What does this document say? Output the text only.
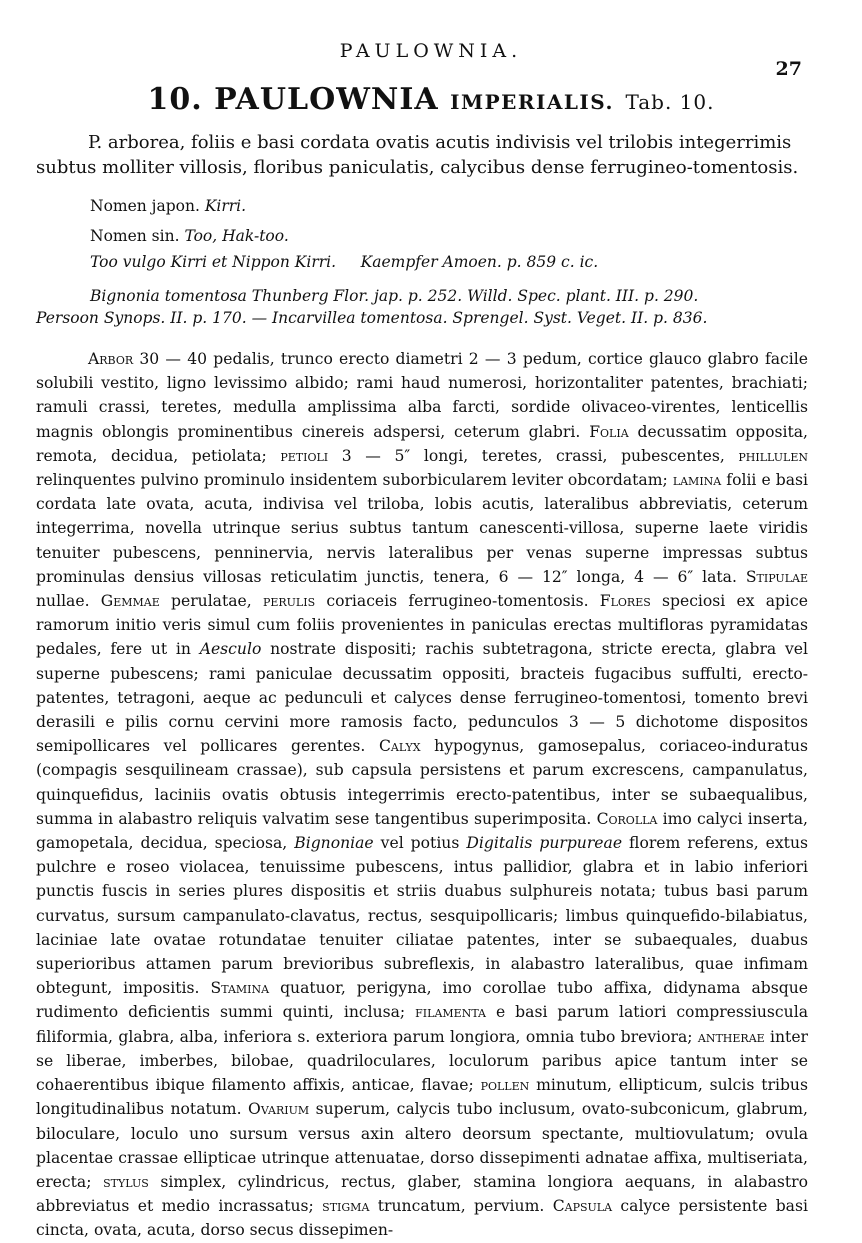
PAULOWNIA.
27
10. PAULOWNIA IMPERIALIS. Tab. 10.
P. arborea, foliis e basi cordata ovatis acutis indivisis vel trilobis integerrimis
subtus molliter villosis, floribus paniculatis, calycibus dense ferrugineo-tomentosis.
Nomen japon. Kirri.
Nomen sin. Too, Hak-too.
Too vulgo Kirri et Nippon Kirri. Kaempfer Amoen. p. 859 c. ic.
Bignonia tomentosa Thunberg Flor. jap. p. 252. Willd. Spec. plant. III. p. 290.
Persoon Synops. II. p. 170. — Incarvillea tomentosa. Sprengel. Syst. Veget. II. p. 836.

Arbor 30 — 40 pedalis, trunco erecto diametri 2 — 3 pedum, cortice glauco glabro facile solubili vestito, ligno levissimo albido; rami haud numerosi, horizontaliter patentes, brachiati; ramuli crassi, teretes, medulla amplissima alba farcti, sordide olivaceo-virentes, lenticellis magnis oblongis prominentibus cinereis adspersi, ceterum glabri. Folia decussatim opposita, remota, decidua, petiolata; petioli 3 — 5″ longi, teretes, crassi, pubescentes, phillulen relinquentes pulvino prominulo insidentem suborbicularem leviter obcordatam; lamina folii e basi cordata late ovata, acuta, indivisa vel triloba, lobis acutis, lateralibus abbreviatis, ceterum integerrima, novella utrinque serius subtus tantum canescenti-villosa, superne laete viridis tenuiter pubescens, penninervia, nervis lateralibus per venas superne impressas subtus prominulas densius villosas reticulatim junctis, tenera, 6 — 12″ longa, 4 — 6″ lata. Stipulae nullae. Gemmae perulatae, perulis coriaceis ferrugineo-tomentosis. Flores speciosi ex apice ramorum initio veris simul cum foliis provenientes in paniculas erectas multifloras pyramidatas pedales, fere ut in Aesculo nostrate dispositi; rachis subtetragona, stricte erecta, glabra vel superne pubescens; rami paniculae decussatim oppositi, bracteis fugacibus suffulti, erecto-patentes, tetragoni, aeque ac pedunculi et calyces dense ferrugineo-tomentosi, tomento brevi derasili e pilis cornu cervini more ramosis facto, pedunculos 3 — 5 dichotome dispositos semipollicares vel pollicares gerentes. Calyx hypogynus, gamosepalus, coriaceo-induratus (compagis sesquilineam crassae), sub capsula persistens et parum excrescens, campanulatus, quinquefidus, laciniis ovatis obtusis integerrimis erecto-patentibus, inter se subaequalibus, summa in alabastro reliquis valvatim sese tangentibus superimposita. Corolla imo calyci inserta, gamopetala, decidua, speciosa, Bignoniae vel potius Digitalis purpureae florem referens, extus pulchre e roseo violacea, tenuissime pubescens, intus pallidior, glabra et in labio inferiori punctis fuscis in series plures dispositis et striis duabus sulphureis notata; tubus basi parum curvatus, sursum campanulato-clavatus, rectus, sesquipollicaris; limbus quinquefido-bilabiatus, laciniae late ovatae rotundatae tenuiter ciliatae patentes, inter se subaequales, duabus superioribus attamen parum brevioribus subreflexis, in alabastro lateralibus, quae infimam obtegunt, impositis. Stamina quatuor, perigyna, imo corollae tubo affixa, didynama absque rudimento deficientis summi quinti, inclusa; filamenta e basi parum latiori compressiuscula filiformia, glabra, alba, inferiora s. exteriora parum longiora, omnia tubo breviora; antherae inter se liberae, imberbes, bilobae, quadriloculares, loculorum paribus apice tantum inter se cohaerentibus ibique filamento affixis, anticae, flavae; pollen minutum, ellipticum, sulcis tribus longitudinalibus notatum. Ovarium superum, calycis tubo inclusum, ovato-subconicum, glabrum, biloculare, loculo uno sursum versus axin altero deorsum spectante, multiovulatum; ovula placentae crassae ellipticae utrinque attenuatae, dorso dissepimenti adnatae affixa, multiseriata, erecta; stylus simplex, cylindricus, rectus, glaber, stamina longiora aequans, in alabastro abbreviatus et medio incrassatus; stigma truncatum, pervium. Capsula calyce persistente basi cincta, ovata, acuta, dorso secus dissepimen-
